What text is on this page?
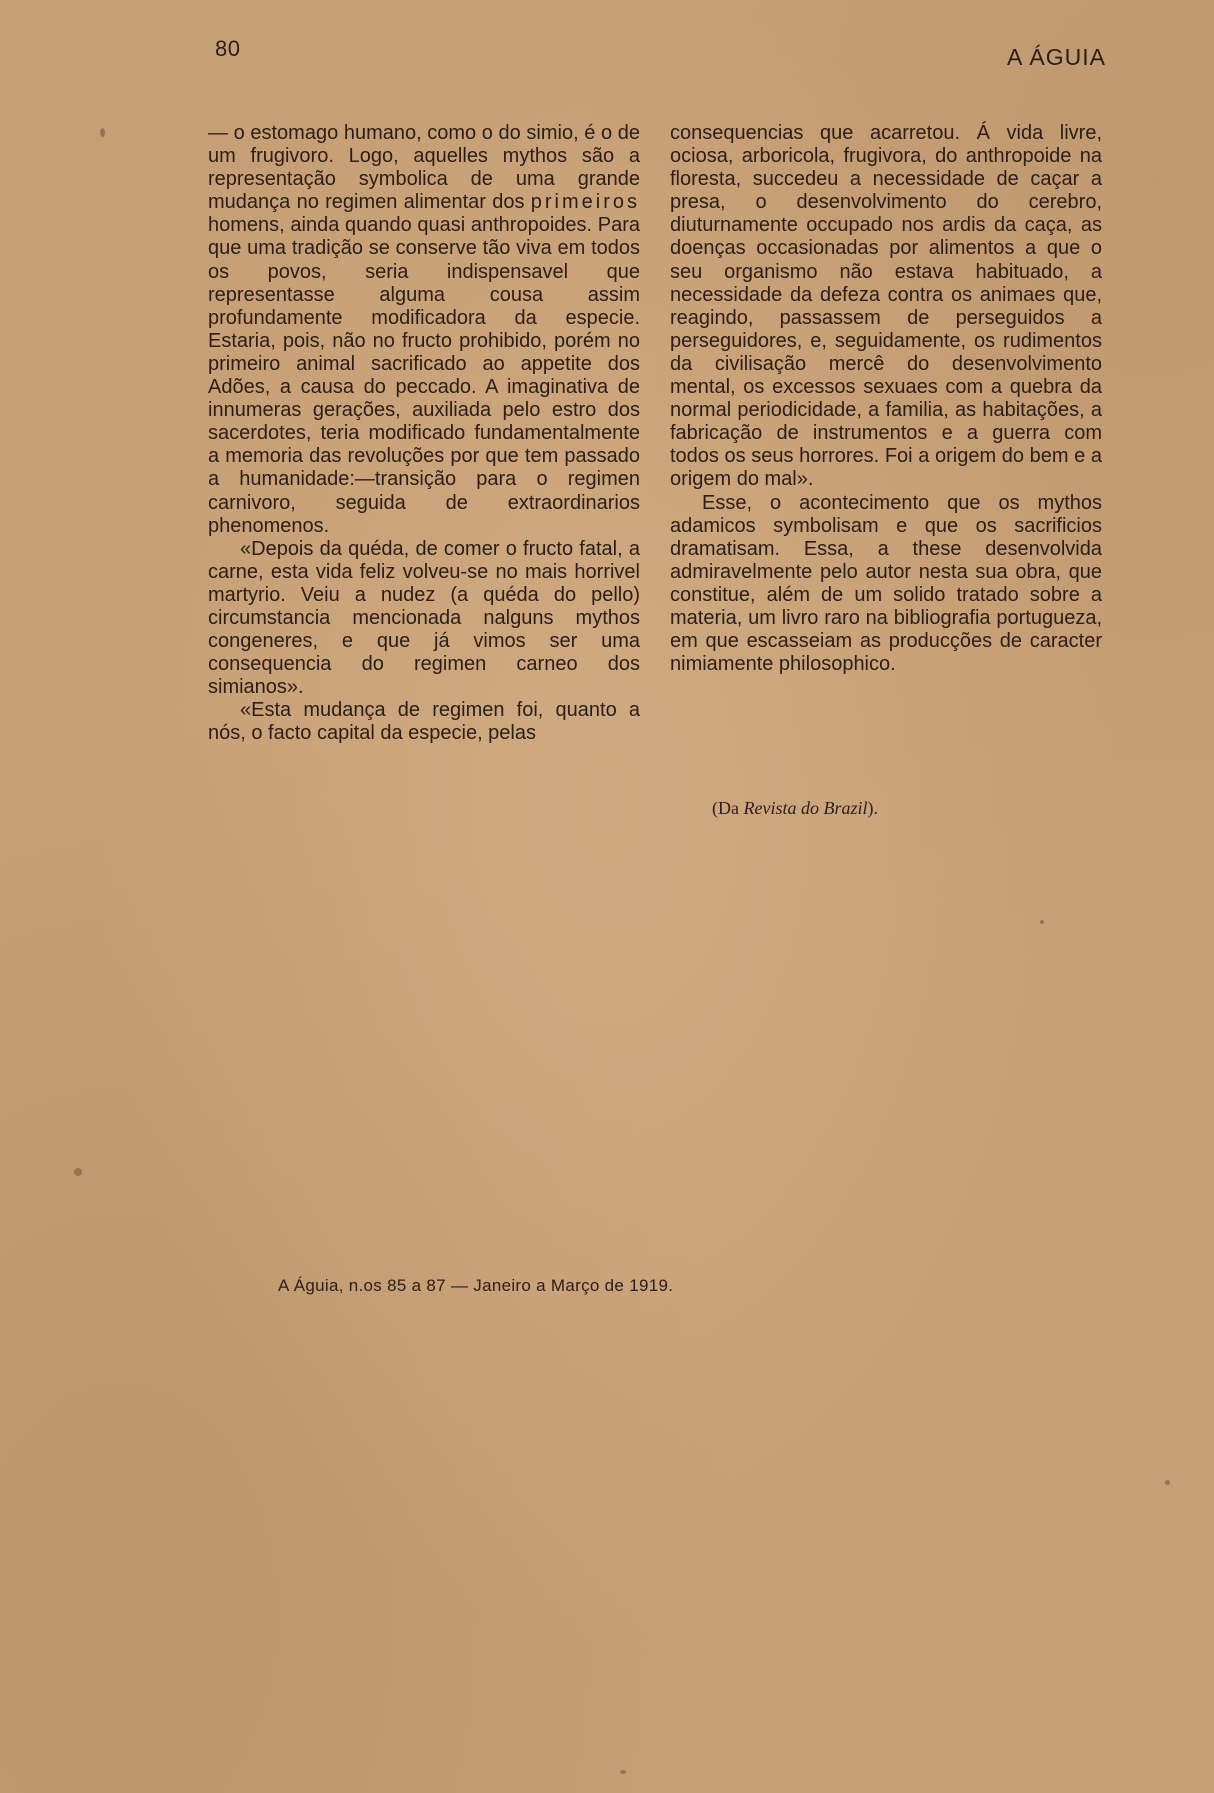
80	A ÁGUIA

— o estomago humano, como o do simio, é o de um frugivoro. Logo, aquelles mythos são a representação symbolica de uma grande mudança no regimen alimentar dos primeiros homens, ainda quando quasi anthropoides. Para que uma tradição se conserve tão viva em todos os povos, seria indispensavel que representasse alguma cousa assim profundamente modificadora da especie. Estaria, pois, não no fructo prohibido, porém no primeiro animal sacrificado ao appetite dos Adões, a causa do peccado. A imaginativa de innumeras gerações, auxiliada pelo estro dos sacerdotes, teria modificado fundamentalmente a memoria das revoluções por que tem passado a humanidade:—transição para o regimen carnivoro, seguida de extraordinarios phenomenos.

«Depois da quéda, de comer o fructo fatal, a carne, esta vida feliz volveu-se no mais horrivel martyrio. Veiu a nudez (a quéda do pello) circumstancia mencionada nalguns mythos congeneres, e que já vimos ser uma consequencia do regimen carneo dos simianos».

«Esta mudança de regimen foi, quanto a nós, o facto capital da especie, pelas

consequencias que acarretou. Á vida livre, ociosa, arboricola, frugivora, do anthropoide na floresta, succedeu a necessidade de caçar a presa, o desenvolvimento do cerebro, diuturnamente occupado nos ardis da caça, as doenças occasionadas por alimentos a que o seu organismo não estava habituado, a necessidade da defeza contra os animaes que, reagindo, passassem de perseguidos a perseguidores, e, seguidamente, os rudimentos da civilisação mercê do desenvolvimento mental, os excessos sexuaes com a quebra da normal periodicidade, a familia, as habitações, a fabricação de instrumentos e a guerra com todos os seus horrores. Foi a origem do bem e a origem do mal».

Esse, o acontecimento que os mythos adamicos symbolisam e que os sacrificios dramatisam. Essa, a these desenvolvida admiravelmente pelo autor nesta sua obra, que constitue, além de um solido tratado sobre a materia, um livro raro na bibliografia portugueza, em que escasseiam as producções de caracter nimiamente philosophico.

(Da Revista do Brazil).
A Águia, n.os 85 a 87 — Janeiro a Março de 1919.
